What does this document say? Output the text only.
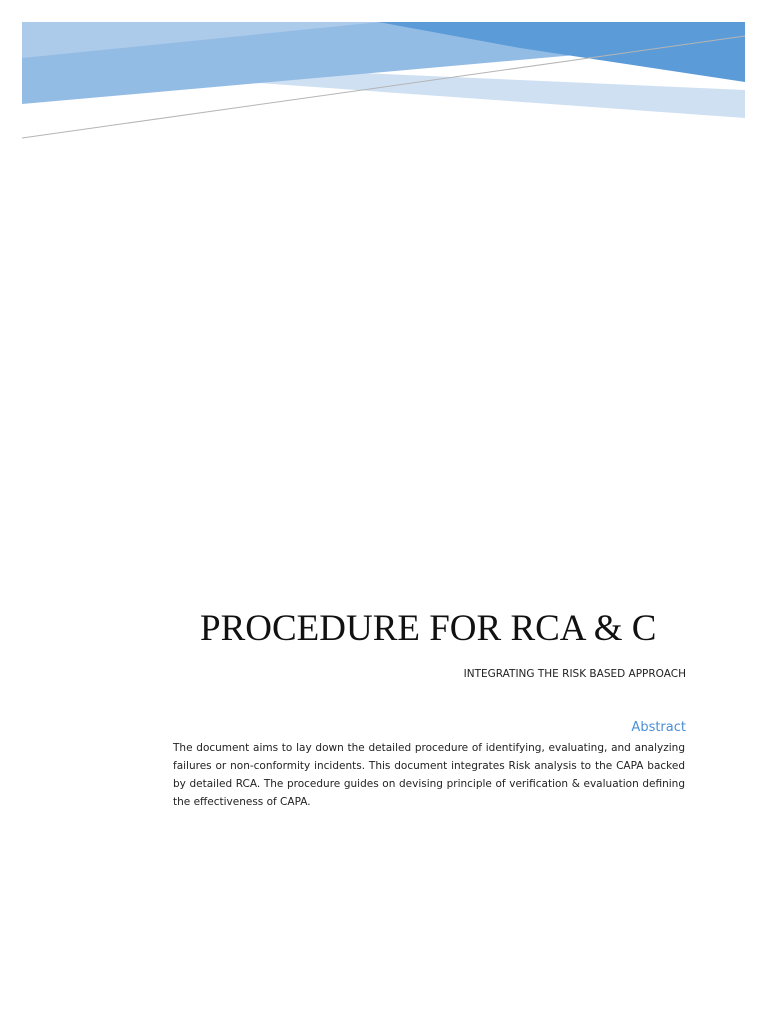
PROCEDURE FOR RCA & C

INTEGRATING THE RISK BASED APPROACH

Abstract

The document aims to lay down the detailed procedure of identifying, evaluating, and analyzing failures or non-conformity incidents. This document integrates Risk analysis to the CAPA backed by detailed RCA. The procedure guides on devising principle of verification & evaluation defining the effectiveness of CAPA.
